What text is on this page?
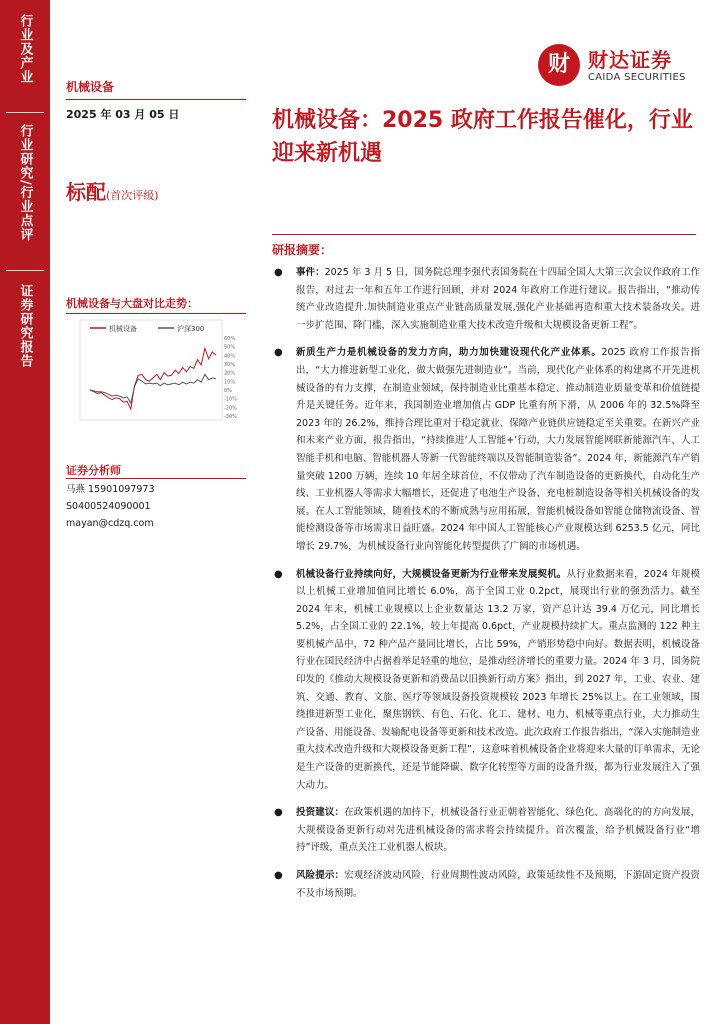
行业及产业
行业研究/行业点评
证券研究报告
财 财达证券
CAIDA SECURITIES
机械设备
2025 年 03 月 05 日
标配(首次评级)
机械设备与大盘对比走势：
机械设备	沪深300
60%
50%
40%
30%
20%
10%
0%
-10%
-20%
-30%
证券分析师
马燕 15901097973
S0400524090001
mayan@cdzq.com
机械设备：2025 政府工作报告催化，行业迎来新机遇
研报摘要：
● 事件：2025 年 3 月 5 日，国务院总理李强代表国务院在十四届全国人大第三次会议作政府工作报告，对过去一年和五年工作进行回顾，并对 2024 年政府工作进行建议。报告指出，“推动传统产业改造提升.加快制造业重点产业链高质量发展,强化产业基础再造和重大技术装备攻关。进一步扩范围、降门槛，深入实施制造业重大技术改造升级和大规模设备更新工程”。
● 新质生产力是机械设备的发力方向，助力加快建设现代化产业体系。2025 政府工作报告指出，“大力推进新型工业化，做大做强先进制造业”。当前，现代化产业体系的构建离不开先进机械设备的有力支撑，在制造业领域，保持制造业比重基本稳定、推动制造业质量变革和价值链提升是关键任务。近年来，我国制造业增加值占 GDP 比重有所下滑，从 2006 年的 32.5%降至 2023 年的 26.2%，维持合理比重对于稳定就业、保障产业链供应链稳定至关重要。在新兴产业和未来产业方面，报告指出，“持续推进‘人工智能+’行动，大力发展智能网联新能源汽车、人工智能手机和电脑、智能机器人等新一代智能终端以及智能制造装备”。2024 年，新能源汽车产销量突破 1200 万辆，连续 10 年居全球首位，不仅带动了汽车制造设备的更新换代，自动化生产线、工业机器人等需求大幅增长，还促进了电池生产设备、充电桩制造设备等相关机械设备的发展。在人工智能领域，随着技术的不断成熟与应用拓展，智能机械设备如智能仓储物流设备、智能检测设备等市场需求日益旺盛。2024 年中国人工智能核心产业规模达到 6253.5 亿元，同比增长 29.7%，为机械设备行业向智能化转型提供了广阔的市场机遇。
● 机械设备行业持续向好，大规模设备更新为行业带来发展契机。从行业数据来看，2024 年规模以上机械工业增加值同比增长 6.0%，高于全国工业 0.2pct，展现出行业的强劲活力。截至 2024 年末，机械工业规模以上企业数量达 13.2 万家，资产总计达 39.4 万亿元，同比增长 5.2%，占全国工业的 22.1%，较上年提高 0.6pct，产业规模持续扩大。重点监测的 122 种主要机械产品中，72 种产品产量同比增长，占比 59%，产销形势稳中向好。数据表明，机械设备行业在国民经济中占据着举足轻重的地位，是推动经济增长的重要力量。2024 年 3 月，国务院印发的《推动大规模设备更新和消费品以旧换新行动方案》指出，到 2027 年，工业、农业、建筑、交通、教育、文旅、医疗等领域设备投资规模较 2023 年增长 25%以上。在工业领域，围绕推进新型工业化，聚焦钢铁、有色、石化、化工、建材、电力、机械等重点行业，大力推动生产设备、用能设备、发输配电设备等更新和技术改造。此次政府工作报告指出，“深入实施制造业重大技术改造升级和大规模设备更新工程”，这意味着机械设备企业将迎来大量的订单需求，无论是生产设备的更新换代，还是节能降碳、数字化转型等方面的设备升级，都为行业发展注入了强大动力。
● 投资建议：在政策机遇的加持下，机械设备行业正朝着智能化、绿色化、高端化的的方向发展，大规模设备更新行动对先进机械设备的需求将会持续提升。首次覆盖，给予机械设备行业“增持”评级，重点关注工业机器人板块。
● 风险提示：宏观经济波动风险，行业周期性波动风险，政策延续性不及预期，下游固定资产投资不及市场预期。
